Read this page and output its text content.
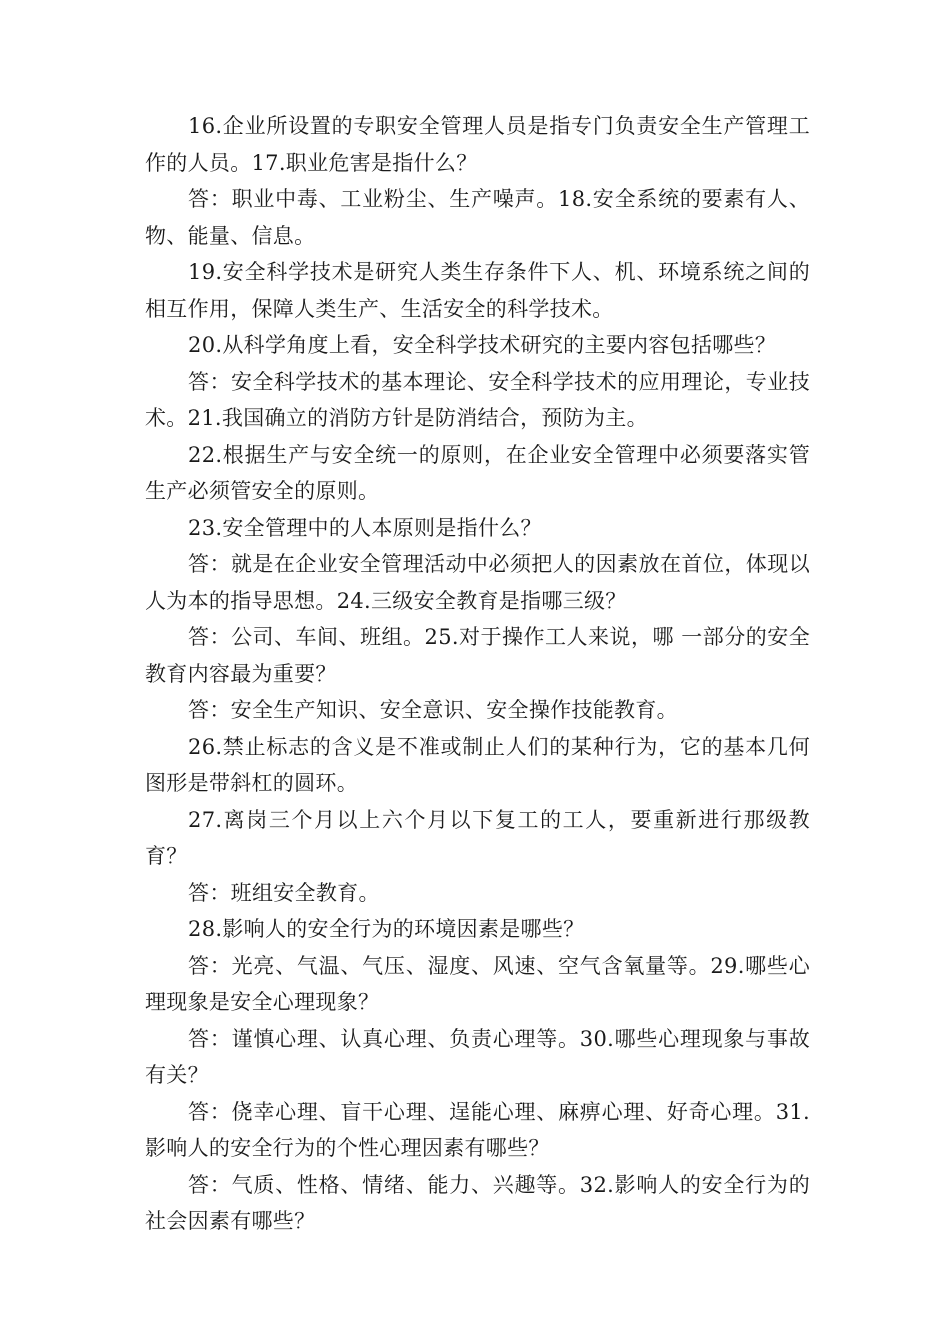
16.企业所设置的专职安全管理人员是指专门负责安全生产管理工作的人员。17.职业危害是指什么？

答：职业中毒、工业粉尘、生产噪声。18.安全系统的要素有人、物、能量、信息。

19.安全科学技术是研究人类生存条件下人、机、环境系统之间的相互作用，保障人类生产、生活安全的科学技术。

20.从科学角度上看，安全科学技术研究的主要内容包括哪些？

答：安全科学技术的基本理论、安全科学技术的应用理论，专业技术。21.我国确立的消防方针是防消结合，预防为主。

22.根据生产与安全统一的原则，在企业安全管理中必须要落实管生产必须管安全的原则。

23.安全管理中的人本原则是指什么？

答：就是在企业安全管理活动中必须把人的因素放在首位，体现以人为本的指导思想。24.三级安全教育是指哪三级？

答：公司、车间、班组。25.对于操作工人来说，哪 一部分的安全教育内容最为重要？

答：安全生产知识、安全意识、安全操作技能教育。

26.禁止标志的含义是不准或制止人们的某种行为，它的基本几何图形是带斜杠的圆环。

27.离岗三个月以上六个月以下复工的工人，要重新进行那级教育？

答：班组安全教育。

28.影响人的安全行为的环境因素是哪些？

答：光亮、气温、气压、湿度、风速、空气含氧量等。29.哪些心理现象是安全心理现象？

答：谨慎心理、认真心理、负责心理等。30.哪些心理现象与事故有关？

答：侥幸心理、盲干心理、逞能心理、麻痹心理、好奇心理。31.影响人的安全行为的个性心理因素有哪些？

答：气质、性格、情绪、能力、兴趣等。32.影响人的安全行为的社会因素有哪些？
